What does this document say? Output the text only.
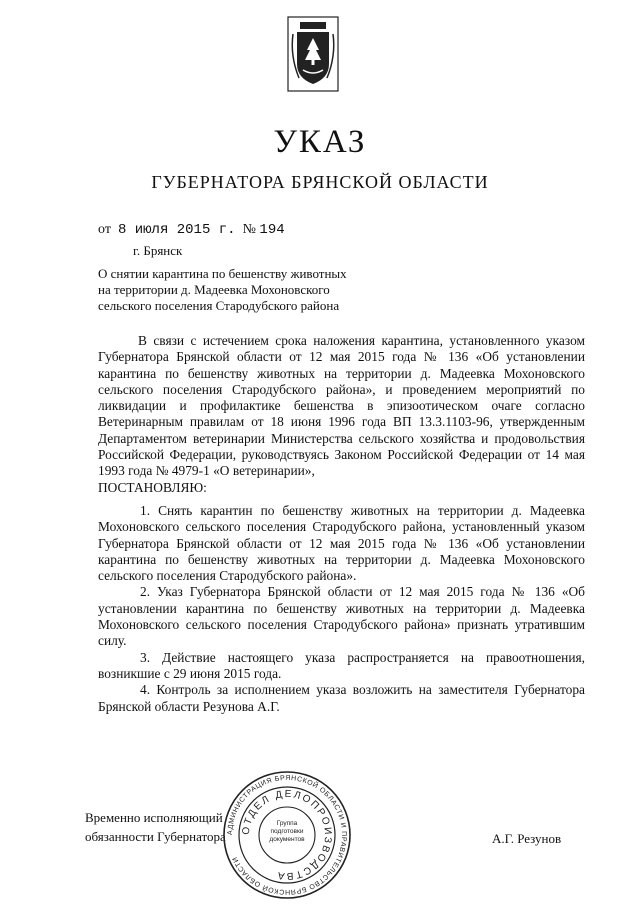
УКАЗ
ГУБЕРНАТОРА БРЯНСКОЙ ОБЛАСТИ
от 8 июля 2015 г. № 194
г. Брянск
О снятии карантина по бешенству животных
на территории д. Мадеевка Мохоновского
сельского поселения Стародубского района

В связи с истечением срока наложения карантина, установленного указом Губернатора Брянской области от 12 мая 2015 года № 136 «Об установлении карантина по бешенству животных на территории д. Мадеевка Мохоновского сельского поселения Стародубского района», и проведением мероприятий по ликвидации и профилактике бешенства в эпизоотическом очаге согласно Ветеринарным правилам от 18 июня 1996 года ВП 13.3.1103-96, утвержденным Департаментом ветеринарии Министерства сельского хозяйства и продовольствия Российской Федерации, руководствуясь Законом Российской Федерации от 14 мая 1993 года № 4979-1 «О ветеринарии»,

ПОСТАНОВЛЯЮ:

1. Снять карантин по бешенству животных на территории д. Мадеевка Мохоновского сельского поселения Стародубского района, установленный указом Губернатора Брянской области от 12 мая 2015 года № 136 «Об установлении карантина по бешенству животных на территории д. Мадеевка Мохоновского сельского поселения Стародубского района».

2. Указ Губернатора Брянской области от 12 мая 2015 года № 136 «Об установлении карантина по бешенству животных на территории д. Мадеевка Мохоновского сельского поселения Стародубского района» признать утратившим силу.

3. Действие настоящего указа распространяется на правоотношения, возникшие с 29 июня 2015 года.

4. Контроль за исполнением указа возложить на заместителя Губернатора Брянской области Резунова А.Г.

Временно исполняющий
обязанности Губернатора	А.Г. Резунов
АДМИНИСТРАЦИЯ БРЯНСКОЙ ОБЛАСТИ И ПРАВИТЕЛЬСТВО БРЯНСКОЙ ОБЛАСТИ
ОТДЕЛ ДЕЛОПРОИЗВОДСТВА
Группа подготовки документов
